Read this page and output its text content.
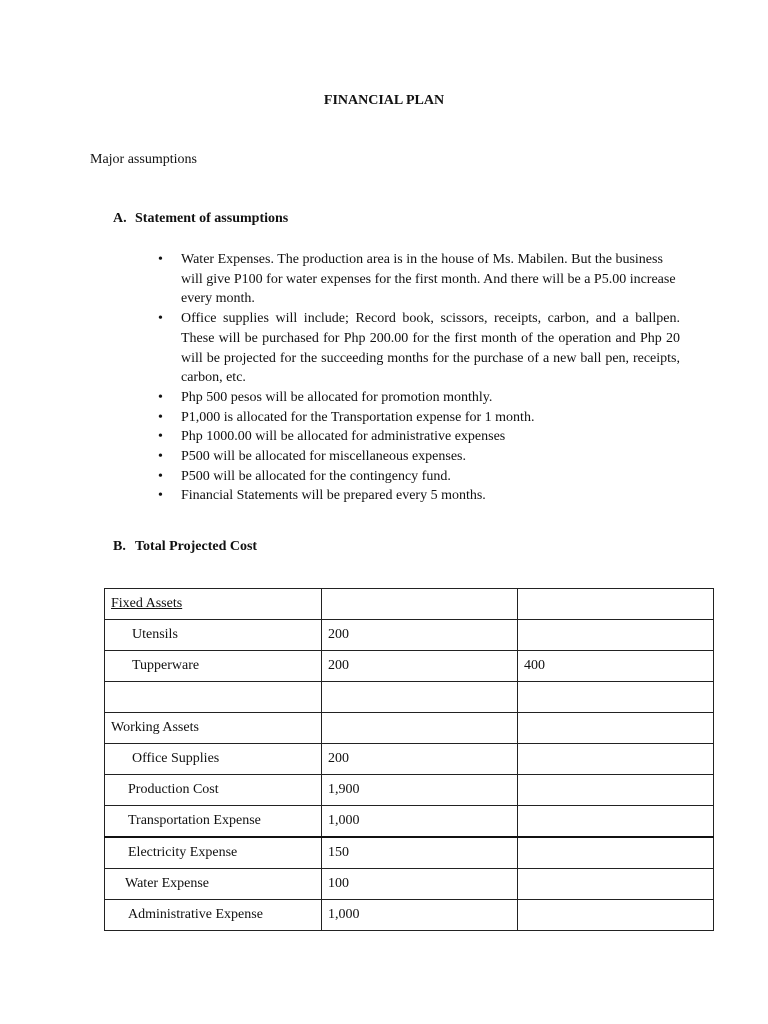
FINANCIAL PLAN
Major assumptions
A. Statement of assumptions
•	Water Expenses. The production area is in the house of Ms. Mabilen. But the business will give P100 for water expenses for the first month. And there will be a P5.00 increase every month.
•	Office supplies will include; Record book, scissors, receipts, carbon, and a ballpen. These will be purchased for Php 200.00 for the first month of the operation and Php 20 will be projected for the succeeding months for the purchase of a new ball pen, receipts, carbon, etc.
•	Php 500 pesos will be allocated for promotion monthly.
•	P1,000 is allocated for the Transportation expense for 1 month.
•	Php 1000.00 will be allocated for administrative expenses
•	P500 will be allocated for miscellaneous expenses.
•	P500 will be allocated for the contingency fund.
•	Financial Statements will be prepared every 5 months.
B. Total Projected Cost
Fixed Assets		
Utensils	200	
Tupperware	200	400

Working Assets		
Office Supplies	200	
Production Cost	1,900	
Transportation Expense	1,000	
Electricity Expense	150	
Water Expense	100	
Administrative Expense	1,000	
